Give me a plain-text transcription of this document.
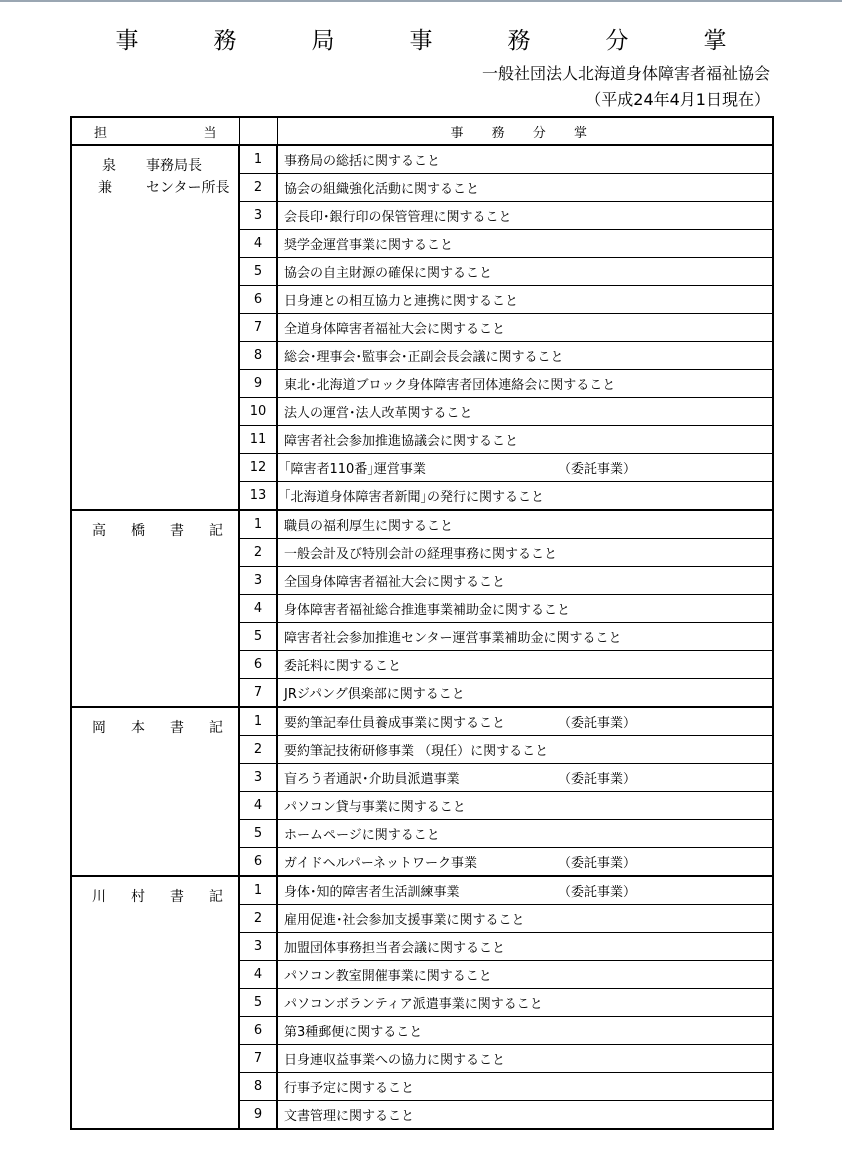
事　務　局　事　務　分　掌
一般社団法人北海道身体障害者福祉協会
（平成24年4月1日現在）
担 当		事 務 分 掌

泉 事務局長
兼 センター所長	1	事務局の総括に関すること
	2	協会の組織強化活動に関すること
	3	会長印･銀行印の保管管理に関すること
	4	奨学金運営事業に関すること
	5	協会の自主財源の確保に関すること
	6	日身連との相互協力と連携に関すること
	7	全道身体障害者福祉大会に関すること
	8	総会･理事会･監事会･正副会長会議に関すること
	9	東北･北海道ブロック身体障害者団体連絡会に関すること
	10	法人の運営･法人改革関すること
	11	障害者社会参加推進協議会に関すること
	12	｢障害者110番｣運営事業 （委託事業）
	13	｢北海道身体障害者新聞｣の発行に関すること

高橋書記	1	職員の福利厚生に関すること
	2	一般会計及び特別会計の経理事務に関すること
	3	全国身体障害者福祉大会に関すること
	4	身体障害者福祉総合推進事業補助金に関すること
	5	障害者社会参加推進センター運営事業補助金に関すること
	6	委託料に関すること
	7	JRジパング倶楽部に関すること

岡本書記	1	要約筆記奉仕員養成事業に関すること （委託事業）
	2	要約筆記技術研修事業 （現任）に関すること
	3	盲ろう者通訳･介助員派遣事業 （委託事業）
	4	パソコン貸与事業に関すること
	5	ホームページに関すること
	6	ガイドヘルパーネットワーク事業 （委託事業）

川村書記	1	身体･知的障害者生活訓練事業 （委託事業）
	2	雇用促進･社会参加支援事業に関すること
	3	加盟団体事務担当者会議に関すること
	4	パソコン教室開催事業に関すること
	5	パソコンボランティア派遣事業に関すること
	6	第3種郵便に関すること
	7	日身連収益事業への協力に関すること
	8	行事予定に関すること
	9	文書管理に関すること
